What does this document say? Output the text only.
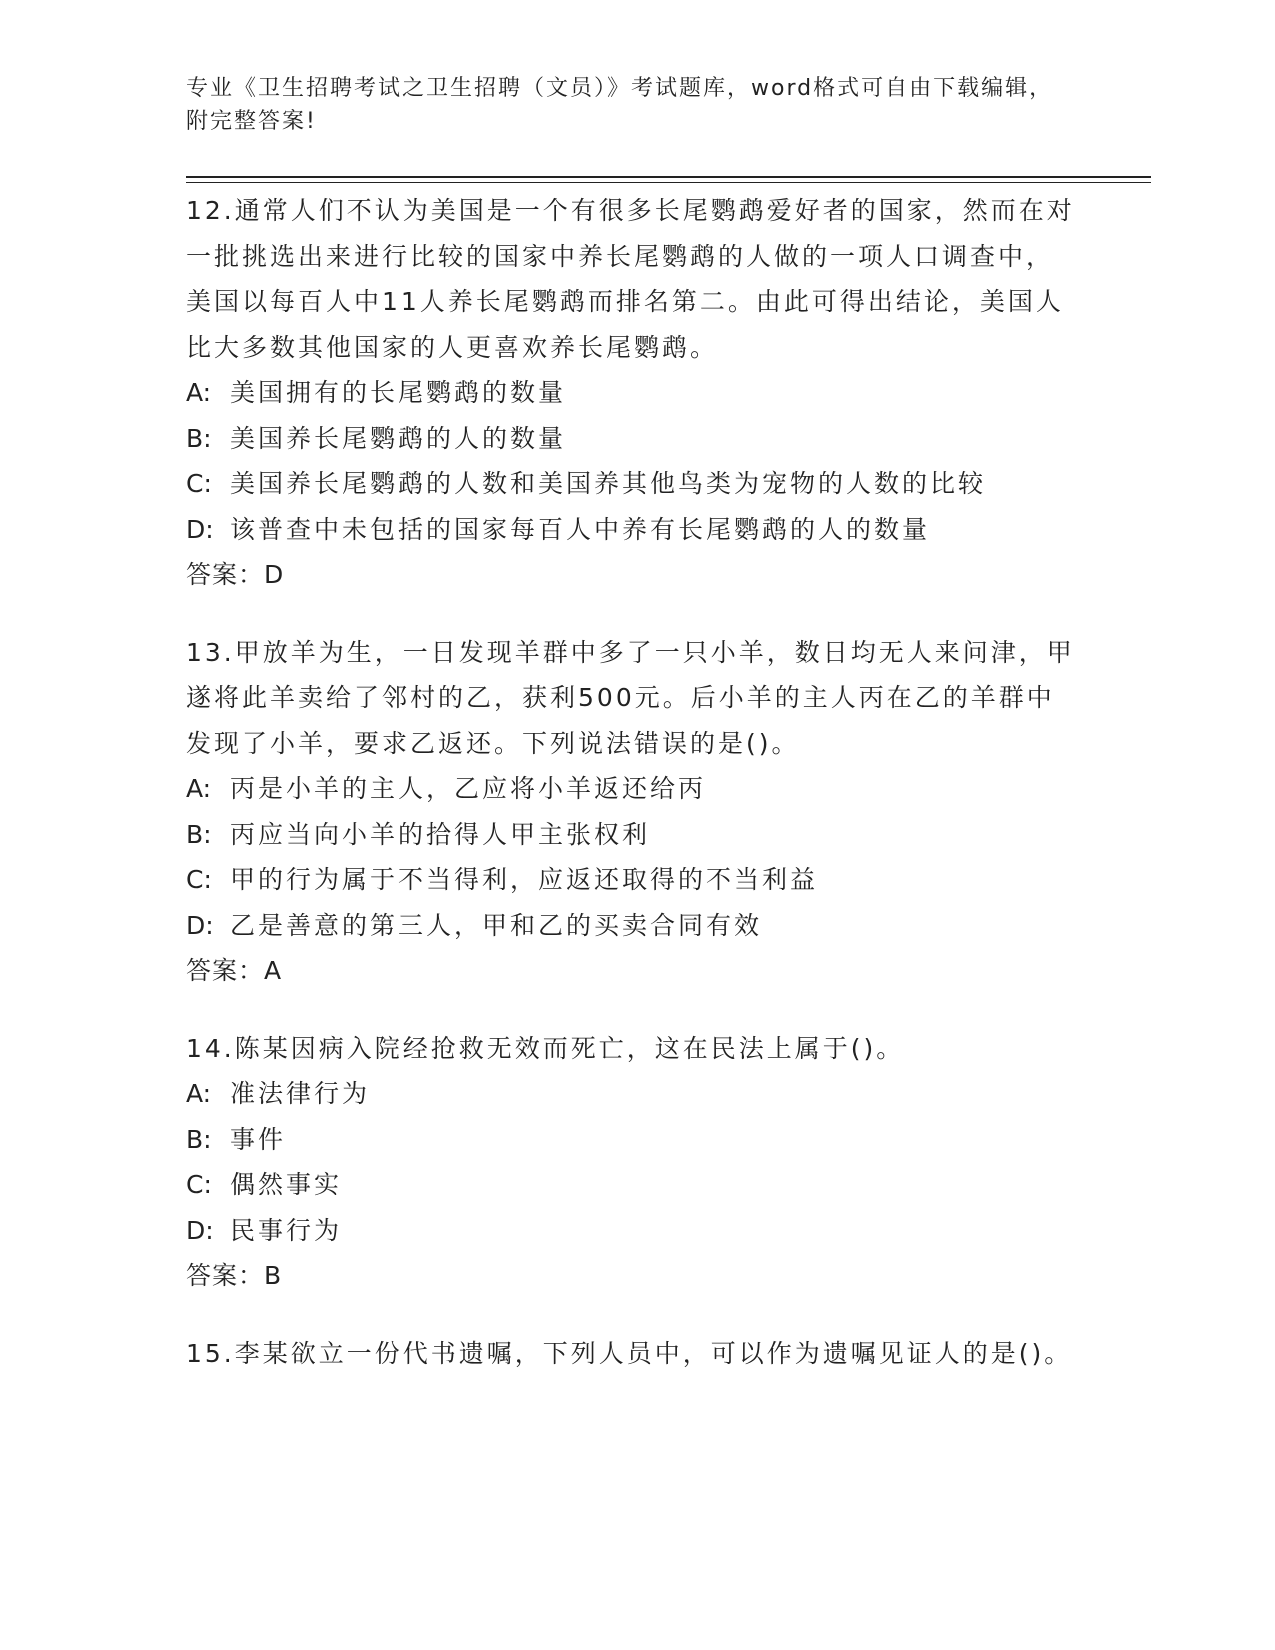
专业《卫生招聘考试之卫生招聘（文员）》考试题库，word格式可自由下载编辑，附完整答案!

12.通常人们不认为美国是一个有很多长尾鹦鹉爱好者的国家，然而在对一批挑选出来进行比较的国家中养长尾鹦鹉的人做的一项人口调查中，美国以每百人中11人养长尾鹦鹉而排名第二。由此可得出结论，美国人比大多数其他国家的人更喜欢养长尾鹦鹉。

A: 美国拥有的长尾鹦鹉的数量

B: 美国养长尾鹦鹉的人的数量

C: 美国养长尾鹦鹉的人数和美国养其他鸟类为宠物的人数的比较

D: 该普查中未包括的国家每百人中养有长尾鹦鹉的人的数量

答案：D

13.甲放羊为生，一日发现羊群中多了一只小羊，数日均无人来问津，甲遂将此羊卖给了邻村的乙，获利500元。后小羊的主人丙在乙的羊群中发现了小羊，要求乙返还。下列说法错误的是()。

A: 丙是小羊的主人，乙应将小羊返还给丙

B: 丙应当向小羊的拾得人甲主张权利

C: 甲的行为属于不当得利，应返还取得的不当利益

D: 乙是善意的第三人，甲和乙的买卖合同有效

答案：A

14.陈某因病入院经抢救无效而死亡，这在民法上属于()。

A: 准法律行为

B: 事件

C: 偶然事实

D: 民事行为

答案：B

15.李某欲立一份代书遗嘱，下列人员中，可以作为遗嘱见证人的是()。
